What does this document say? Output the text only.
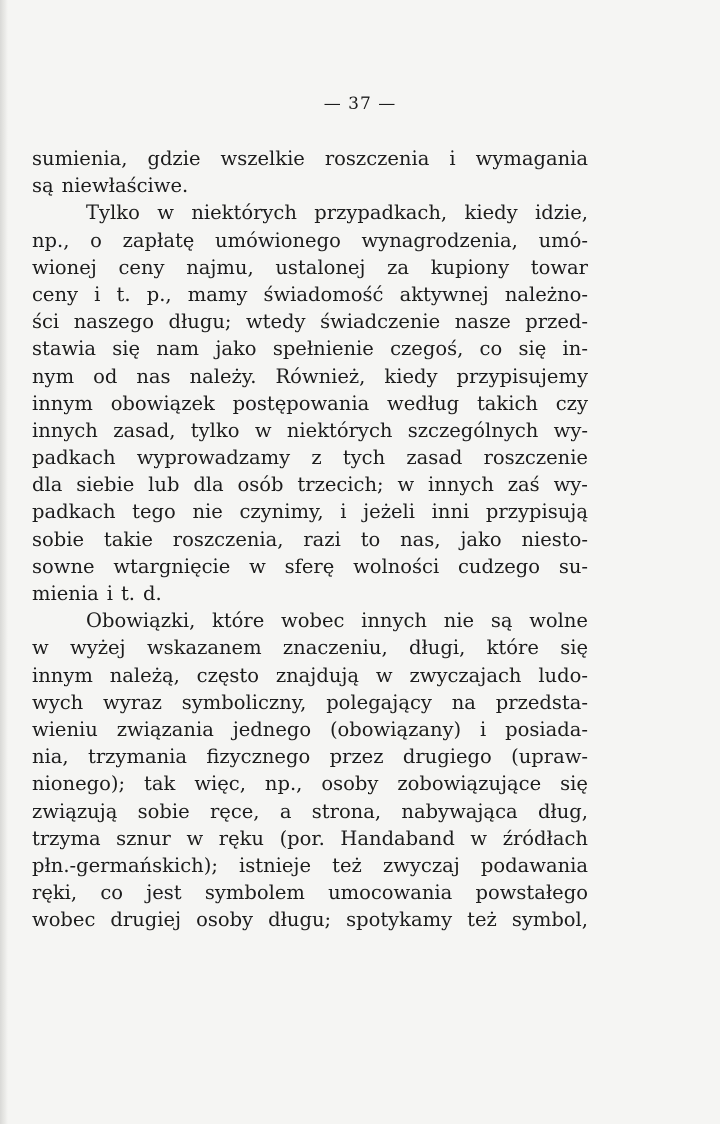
— 37 —
sumienia, gdzie wszelkie roszczenia i wymagania
są niewłaściwe.
Tylko w niektórych przypadkach, kiedy idzie,
np., o zapłatę umówionego wynagrodzenia, umó-
wionej ceny najmu, ustalonej za kupiony towar
ceny i t. p., mamy świadomość aktywnej należno-
ści naszego długu; wtedy świadczenie nasze przed-
stawia się nam jako spełnienie czegoś, co się in-
nym od nas należy. Również, kiedy przypisujemy
innym obowiązek postępowania według takich czy
innych zasad, tylko w niektórych szczególnych wy-
padkach wyprowadzamy z tych zasad roszczenie
dla siebie lub dla osób trzecich; w innych zaś wy-
padkach tego nie czynimy, i jeżeli inni przypisują
sobie takie roszczenia, razi to nas, jako niesto-
sowne wtargnięcie w sferę wolności cudzego su-
mienia i t. d.
Obowiązki, które wobec innych nie są wolne
w wyżej wskazanem znaczeniu, długi, które się
innym należą, często znajdują w zwyczajach ludo-
wych wyraz symboliczny, polegający na przedsta-
wieniu związania jednego (obowiązany) i posiada-
nia, trzymania fizycznego przez drugiego (upraw-
nionego); tak więc, np., osoby zobowiązujące się
związują sobie ręce, a strona, nabywająca dług,
trzyma sznur w ręku (por. Handaband w źródłach
płn.-germańskich); istnieje też zwyczaj podawania
ręki, co jest symbolem umocowania powstałego
wobec drugiej osoby długu; spotykamy też symbol,
